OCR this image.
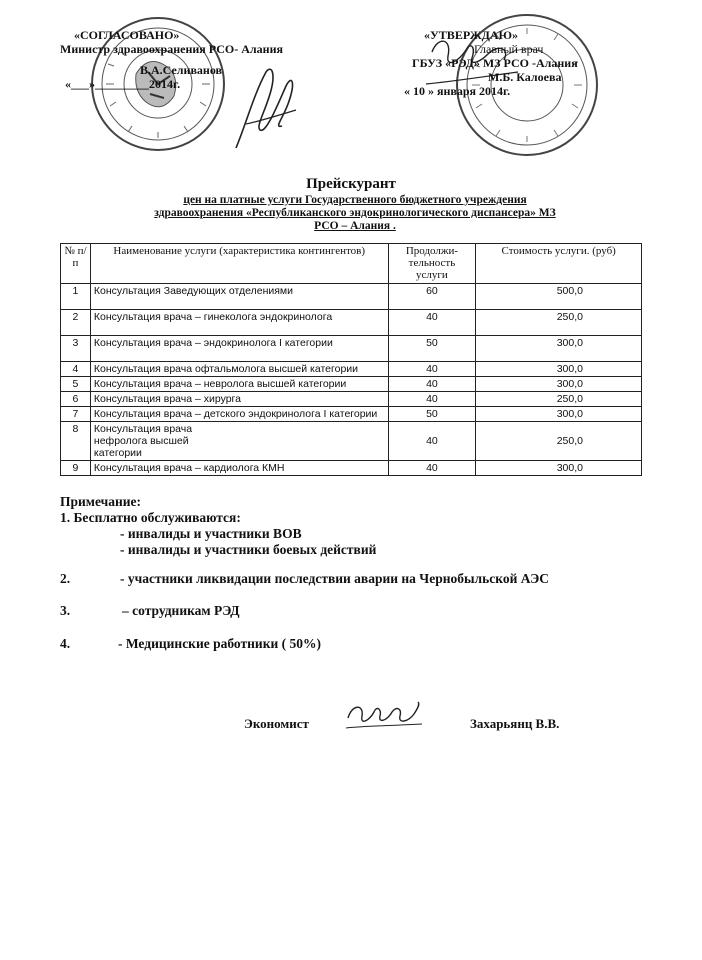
«СОГЛАСОВАНО»
Министр здравоохранения РСО- Алания
В.А.Селиванов
«___»_________2014г.
«УТВЕРЖДАЮ»
Главный врач
ГБУЗ «РЭД» МЗ РСО -Алания
М.Б. Калоева
« 10 » января 2014г.
Прейскурант
цен на платные услуги Государственного бюджетного учреждения здравоохранения «Республиканского эндокринологического диспансера» МЗ РСО – Алания .
№ п/п	Наименование услуги (характеристика контингентов)	Продолжи-тельность услуги	Стоимость услуги. (руб)
1	Консультация Заведующих отделениями	60	500,0
2	Консультация врача – гинеколога эндокринолога	40	250,0
3	Консультация врача – эндокринолога I категории	50	300,0
4	Консультация врача офтальмолога высшей категории	40	300,0
5	Консультация врача – невролога высшей категории	40	300,0
6	Консультация врача – хирурга	40	250,0
7	Консультация врача – детского эндокринолога I категории	50	300,0
8	Консультация врача нефролога высшей категории	40	250,0
9	Консультация врача – кардиолога КМН	40	300,0
Примечание:
1. Бесплатно обслуживаются:
- инвалиды и участники ВОВ
- инвалиды и участники боевых действий
2.	- участники ликвидации последствии аварии на Чернобыльской АЭС
3.	– сотрудникам РЭД
4.	- Медицинские работники ( 50%)
Экономист	Захарьянц В.В.
